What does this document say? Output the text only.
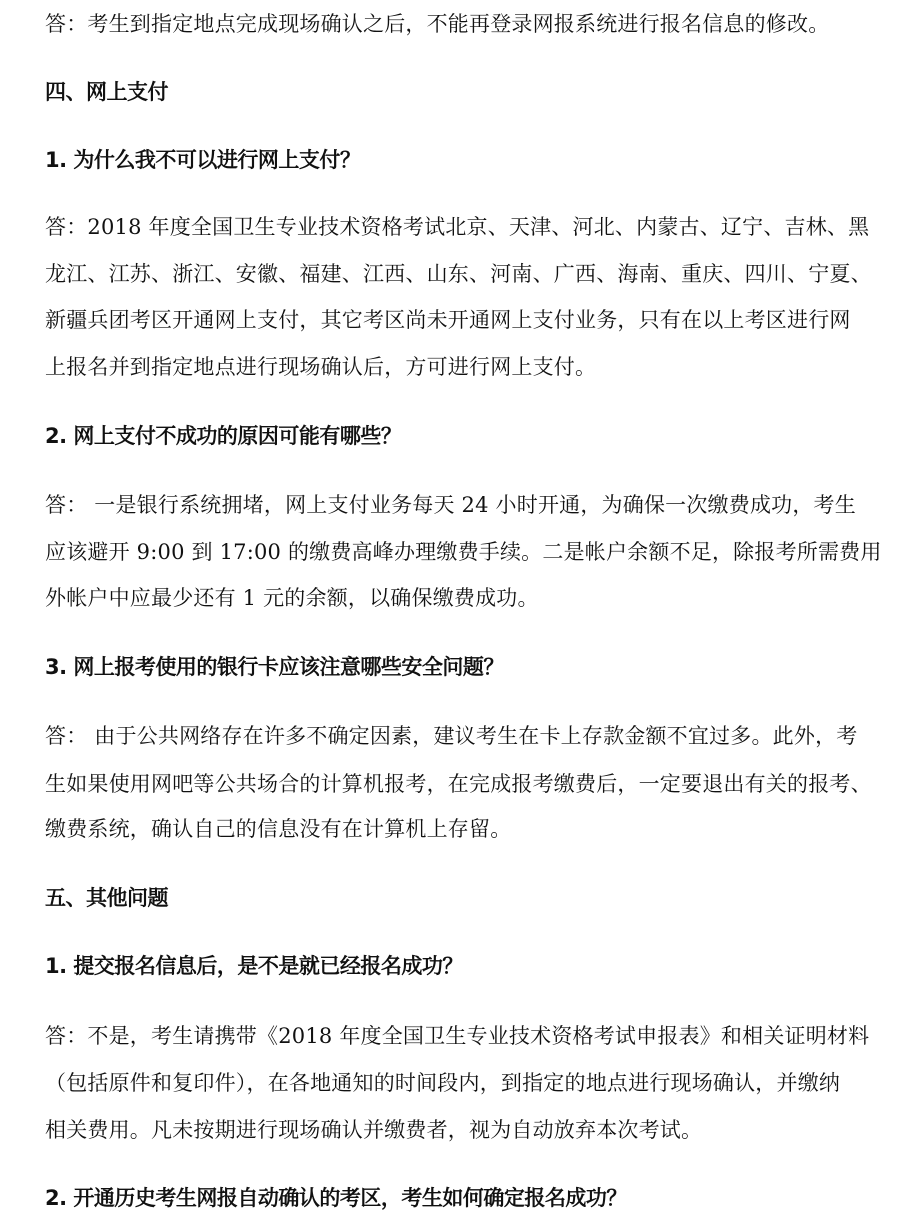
答：考生到指定地点完成现场确认之后，不能再登录网报系统进行报名信息的修改。
四、网上支付
1. 为什么我不可以进行网上支付？
答：2018 年度全国卫生专业技术资格考试北京、天津、河北、内蒙古、辽宁、吉林、黑
龙江、江苏、浙江、安徽、福建、江西、山东、河南、广西、海南、重庆、四川、宁夏、
新疆兵团考区开通网上支付，其它考区尚未开通网上支付业务，只有在以上考区进行网
上报名并到指定地点进行现场确认后，方可进行网上支付。
2. 网上支付不成功的原因可能有哪些？
答： 一是银行系统拥堵，网上支付业务每天 24 小时开通，为确保一次缴费成功，考生
应该避开 9:00 到 17:00 的缴费高峰办理缴费手续。二是帐户余额不足，除报考所需费用
外帐户中应最少还有 1 元的余额，以确保缴费成功。
3. 网上报考使用的银行卡应该注意哪些安全问题？
答： 由于公共网络存在许多不确定因素，建议考生在卡上存款金额不宜过多。此外，考
生如果使用网吧等公共场合的计算机报考，在完成报考缴费后，一定要退出有关的报考、
缴费系统，确认自己的信息没有在计算机上存留。
五、其他问题
1. 提交报名信息后，是不是就已经报名成功？
答：不是，考生请携带《2018 年度全国卫生专业技术资格考试申报表》和相关证明材料
（包括原件和复印件），在各地通知的时间段内，到指定的地点进行现场确认，并缴纳
相关费用。凡未按期进行现场确认并缴费者，视为自动放弃本次考试。
2. 开通历史考生网报自动确认的考区，考生如何确定报名成功？
